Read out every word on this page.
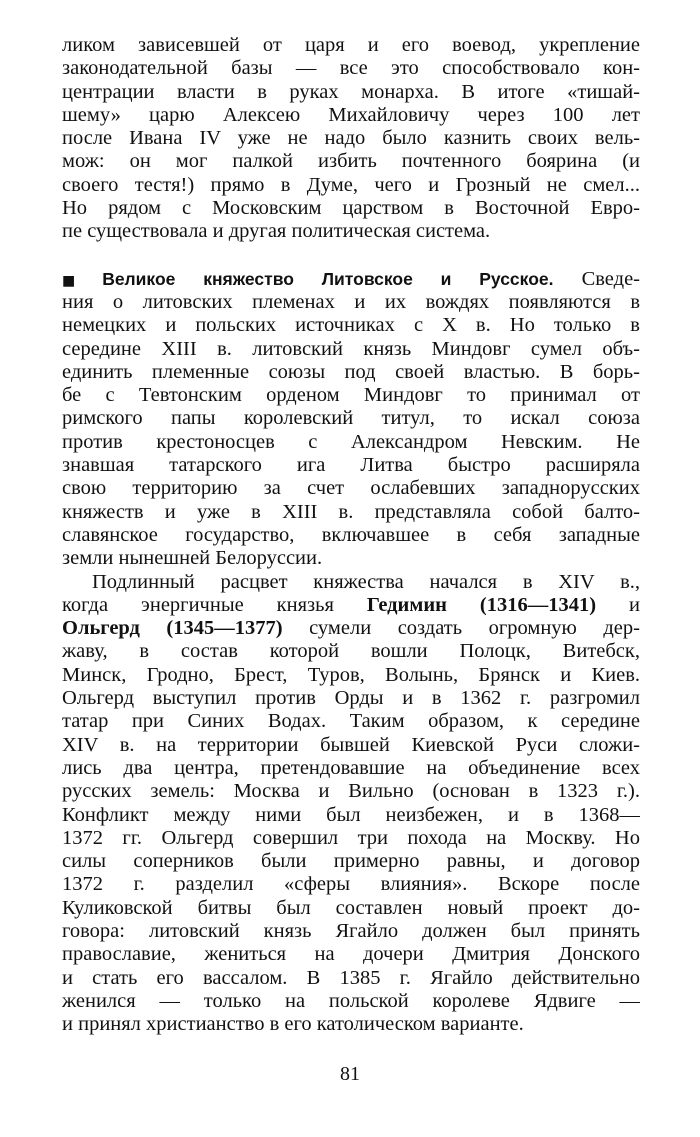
ликом зависевшей от царя и его воевод, укрепление
законодательной базы — все это способствовало кон-
центрации власти в руках монарха. В итоге «тишай-
шему» царю Алексею Михайловичу через 100 лет
после Ивана IV уже не надо было казнить своих вель-
мож: он мог палкой избить почтенного боярина (и
своего тестя!) прямо в Думе, чего и Грозный не смел...
Но рядом с Московским царством в Восточной Евро-
пе существовала и другая политическая система.
■ Великое княжество Литовское и Русское. Сведе-
ния о литовских племенах и их вождях появляются в
немецких и польских источниках с X в. Но только в
середине XIII в. литовский князь Миндовг сумел объ-
единить племенные союзы под своей властью. В борь-
бе с Тевтонским орденом Миндовг то принимал от
римского папы королевский титул, то искал союза
против крестоносцев с Александром Невским. Не
знавшая татарского ига Литва быстро расширяла
свою территорию за счет ослабевших западнорусских
княжеств и уже в XIII в. представляла собой балто-
славянское государство, включавшее в себя западные
земли нынешней Белоруссии.
Подлинный расцвет княжества начался в XIV в.,
когда энергичные князья Гедимин (1316—1341) и
Ольгерд (1345—1377) сумели создать огромную дер-
жаву, в состав которой вошли Полоцк, Витебск,
Минск, Гродно, Брест, Туров, Волынь, Брянск и Киев.
Ольгерд выступил против Орды и в 1362 г. разгромил
татар при Синих Водах. Таким образом, к середине
XIV в. на территории бывшей Киевской Руси сложи-
лись два центра, претендовавшие на объединение всех
русских земель: Москва и Вильно (основан в 1323 г.).
Конфликт между ними был неизбежен, и в 1368—
1372 гг. Ольгерд совершил три похода на Москву. Но
силы соперников были примерно равны, и договор
1372 г. разделил «сферы влияния». Вскоре после
Куликовской битвы был составлен новый проект до-
говора: литовский князь Ягайло должен был принять
православие, жениться на дочери Дмитрия Донского
и стать его вассалом. В 1385 г. Ягайло действительно
женился — только на польской королеве Ядвиге —
и принял христианство в его католическом варианте.
81
